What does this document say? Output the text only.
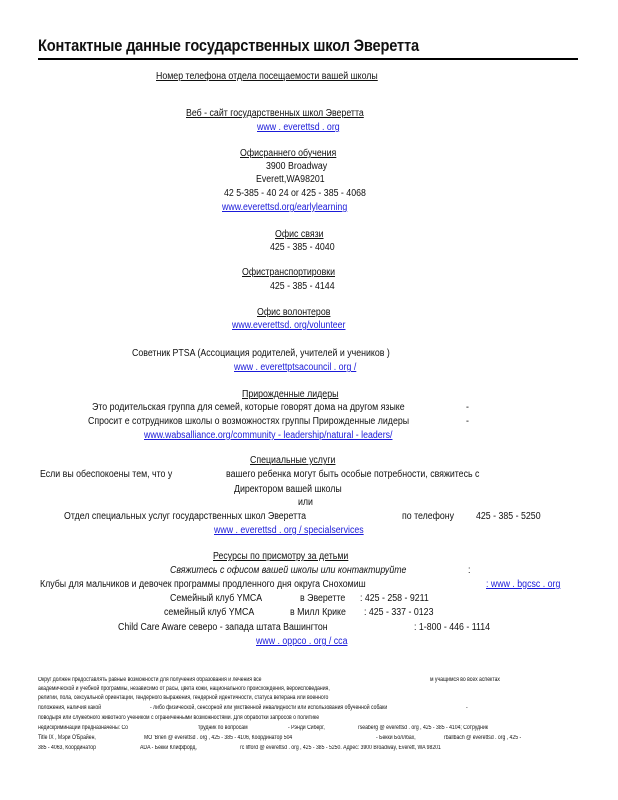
Контактные данные государственных школ Эверетта
Номер телефона отдела посещаемости вашей школы
Веб - сайт государственных школ Эверетта
www . everettsd . org
Офисраннего обучения
3900 Broadway
Everett,WA98201
42 5-385 - 40 24 or 425 - 385 - 4068
www.everettsd.org/earlylearning
Офис связи
425 - 385 - 4040
Офистранспортировки
425 - 385 - 4144
Офис волонтеров
www.everettsd. org/volunteer
Советник PTSA (Ассоциация родителей, учителей и учеников )
www . everettptsacouncil . org /
Прирожденные лидеры
Это родительская группа для семей, которые говорят дома на другом языке	-
Спросит е сотрудников школы о возможностях группы Прирожденные лидеры	-
www.wabsalliance.org/community - leadership/natural - leaders/
Специальные услуги
Если вы обеспокоены тем, что у	вашего ребенка могут быть особые потребности, свяжитесь с
Директором вашей школы
или
Отдел специальных услуг государственных школ Эверетта	по телефону 425 - 385 - 5250
www . everettsd . org / specialservices
Ресурсы по присмотру за детьми
Свяжитесь с офисом вашей школы или контактируйте	:
Клубы для мальчиков и девочек программы продленного дня округа Снохомиш	: www . bgcsc . org
Семейный клуб YMCA	в Эверетте : 425 - 258 - 9211
семейный клуб YMCA	в Милл Крике : 425 - 337 - 0123
Child Care Aware северо - запада штата Вашингтон	: 1-800 - 446 - 1114
www . oppco . org / cca
Округ должен предоставлять равные возможности для получения образования и лечения все	м учащимся во всех аспектах
академической и учебной программы, независимо от расы, цвета кожи, национального происхождения, вероисповедания,
религии, пола, сексуальной ориентации, гендерного выражения, гендерной идентичности, статуса ветерана или военного
положения, наличия какой	- либо физической, сенсорной или умственной инвалидности или использования обученной собаки	-
поводыря или служебного животного учеником с ограниченными возможностями. Для обработки запросов о политике
недискриминации предназначены: Co	трудник по вопросам	- Рэнди Сиберг,	rseaberg @ everettsd . org , 425 - 385 - 4104; Сотрудник
Title IX , Мэри О'Брайен,	MO 'Brien @ everettsd . org , 425 - 385 - 4106, Координатор 504	- Бекки Боллбах,	rballbach @ everettsd . org , 425 -
385 - 4063, Координатор	ADA - Бекки Клиффорд,	rc lifford @ everettsd . org , 425 - 385 - 5250. Адрес: 3900 Broadway, Everett, WA 98201
